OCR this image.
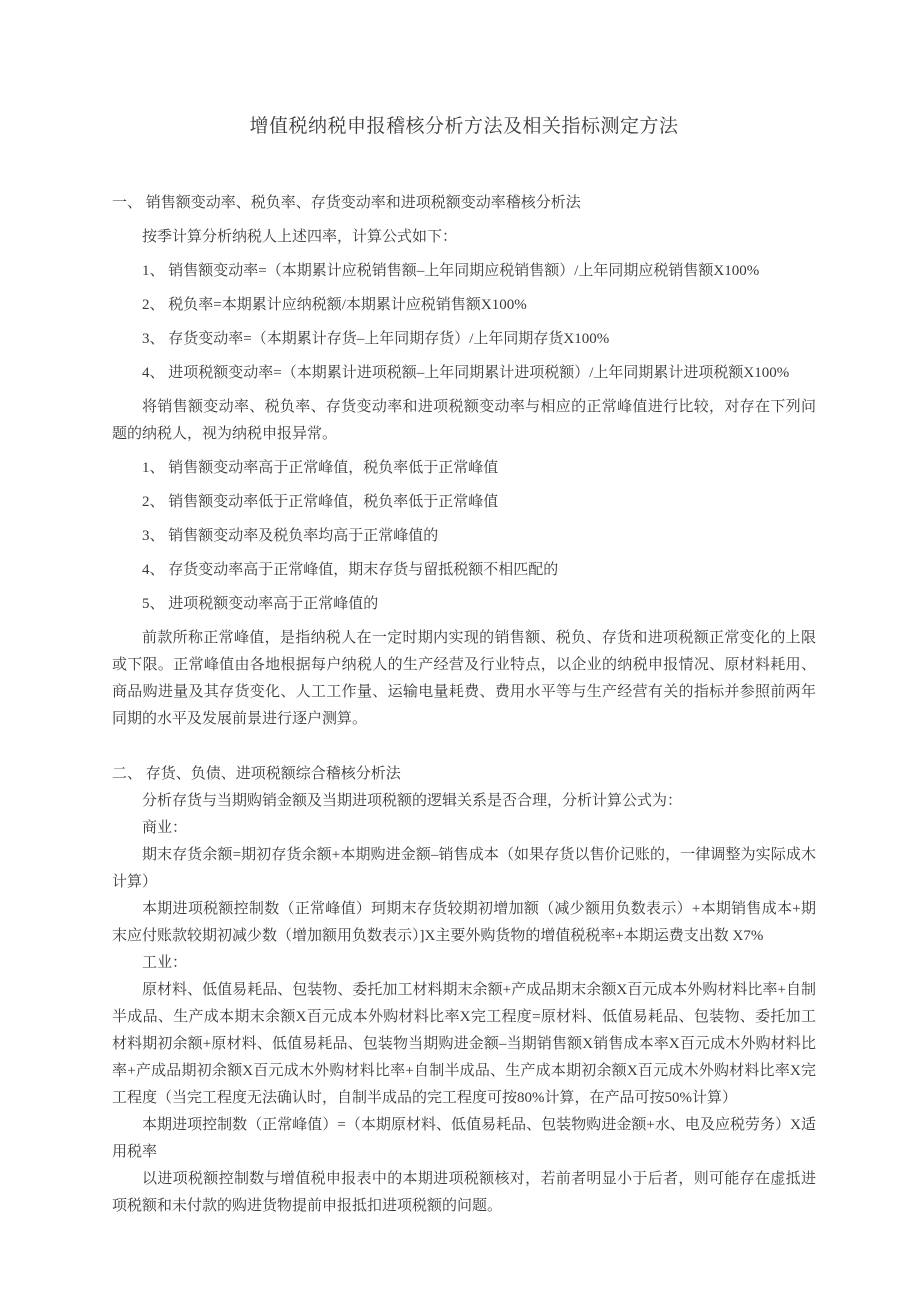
增值税纳税申报稽核分析方法及相关指标测定方法

一、 销售额变动率、税负率、存货变动率和进项税额变动率稽核分析法

按季计算分析纳税人上述四率，计算公式如下：

1、 销售额变动率=（本期累计应税销售额–上年同期应税销售额）/上年同期应税销售额X100%

2、 税负率=本期累计应纳税额/本期累计应税销售额X100%

3、 存货变动率=（本期累计存货–上年同期存货）/上年同期存货X100%

4、 进项税额变动率=（本期累计进项税额–上年同期累计进项税额）/上年同期累计进项税额X100%

将销售额变动率、税负率、存货变动率和进项税额变动率与相应的正常峰值进行比较，对存在下列问题的纳税人，视为纳税申报异常。

1、 销售额变动率高于正常峰值，税负率低于正常峰值

2、 销售额变动率低于正常峰值，税负率低于正常峰值

3、 销售额变动率及税负率均高于正常峰值的

4、 存货变动率高于正常峰值，期末存货与留抵税额不相匹配的

5、 进项税额变动率高于正常峰值的

前款所称正常峰值，是指纳税人在一定时期内实现的销售额、税负、存货和进项税额正常变化的上限或下限。正常峰值由各地根据每户纳税人的生产经营及行业特点，以企业的纳税申报情况、原材料耗用、商品购进量及其存货变化、人工工作量、运输电量耗费、费用水平等与生产经营有关的指标并参照前两年同期的水平及发展前景进行逐户测算。

二、 存货、负债、进项税额综合稽核分析法

分析存货与当期购销金额及当期进项税额的逻辑关系是否合理，分析计算公式为：

商业：

期末存货余额=期初存货余额+本期购进金额–销售成本（如果存货以售价记账的，一律调整为实际成木计算）

本期进项税额控制数（正常峰值）珂期末存货较期初增加额（减少额用负数表示）+本期销售成本+期末应付账款较期初减少数（增加额用负数表示）]X主要外购货物的增值税税率+本期运费支出数 X7%

工业：

原材料、低值易耗品、包装物、委托加工材料期末余额+产成品期末余额X百元成本外购材料比率+自制半成品、生产成本期末余额X百元成本外购材料比率X完工程度=原材料、低值易耗品、包装物、委托加工材料期初余额+原材料、低值易耗品、包装物当期购进金额–当期销售额X销售成本率X百元成木外购材料比率+产成品期初余额X百元成木外购材料比率+自制半成品、生产成本期初余额X百元成木外购材料比率X完工程度（当完工程度无法确认时，自制半成品的完工程度可按80%计算，在产品可按50%计算）

本期进项控制数（正常峰值）=（本期原材料、低值易耗品、包装物购进金额+水、电及应税劳务）X适用税率

以进项税额控制数与增值税申报表中的本期进项税额核对，若前者明显小于后者，则可能存在虚抵进项税额和未付款的购进货物提前申报抵扣进项税额的问题。
